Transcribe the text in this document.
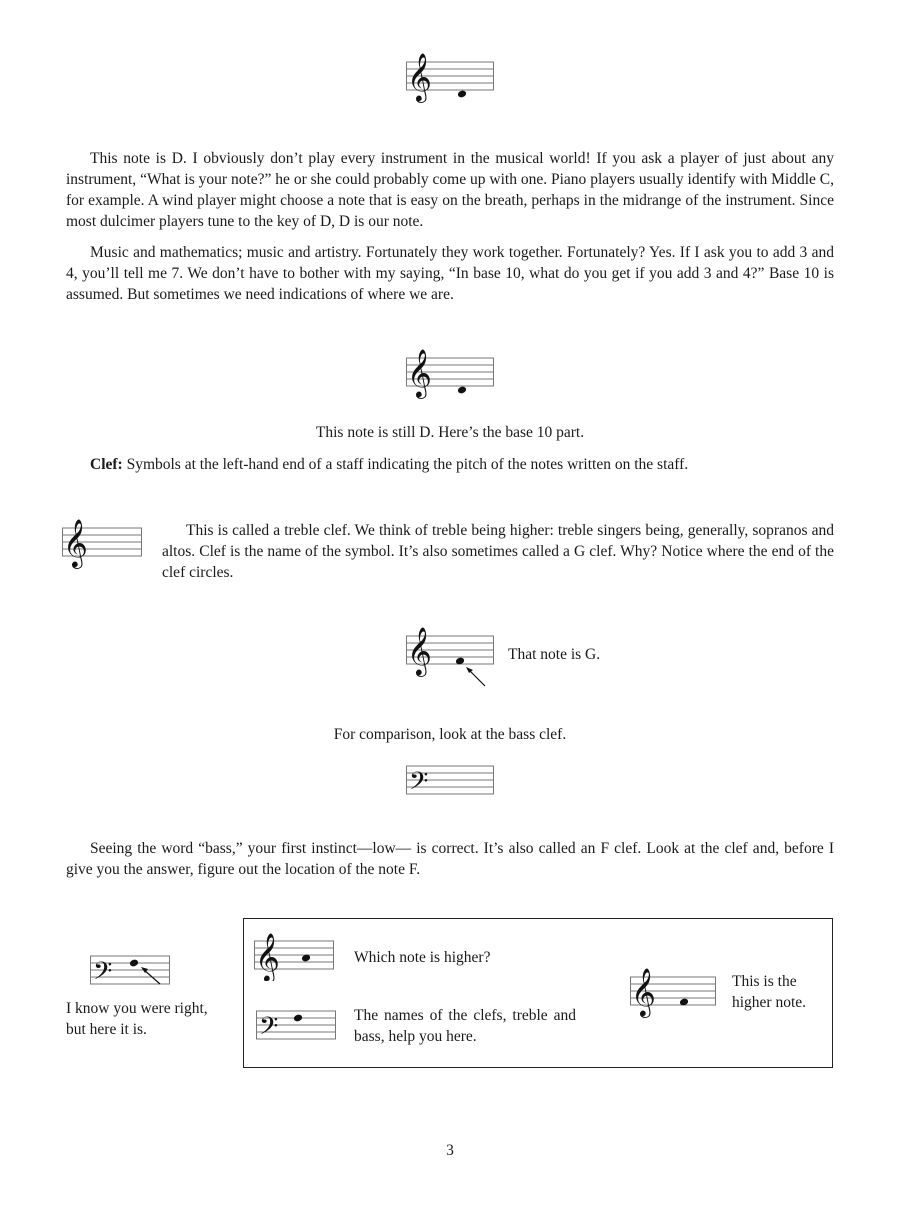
𝄞

This note is D. I obviously don’t play every instrument in the musical world! If you ask a player of just about any instrument, “What is your note?” he or she could probably come up with one. Piano players usually identify with Middle C, for example. A wind player might choose a note that is easy on the breath, perhaps in the midrange of the instrument. Since most dulcimer players tune to the key of D, D is our note.

Music and mathematics; music and artistry. Fortunately they work together. Fortunately? Yes. If I ask you to add 3 and 4, you’ll tell me 7. We don’t have to bother with my saying, “In base 10, what do you get if you add 3 and 4?” Base 10 is assumed. But sometimes we need indications of where we are.

𝄞
This note is still D. Here’s the base 10 part.

Clef: Symbols at the left-hand end of a staff indicating the pitch of the notes written on the staff.

𝄞	This is called a treble clef. We think of treble being higher: treble singers being, generally, sopranos and altos. Clef is the name of the symbol. It’s also sometimes called a G clef. Why? Notice where the end of the clef circles.

𝄞	That note is G.
For comparison, look at the bass clef.
𝄢

Seeing the word “bass,” your first instinct—low— is correct. It’s also called an F clef. Look at the clef and, before I give you the answer, figure out the location of the note F.

𝄢
I know you were right, but here it is.
𝄞	Which note is higher?
𝄢	The names of the clefs, treble and bass, help you here.
𝄞	This is the higher note.
3
